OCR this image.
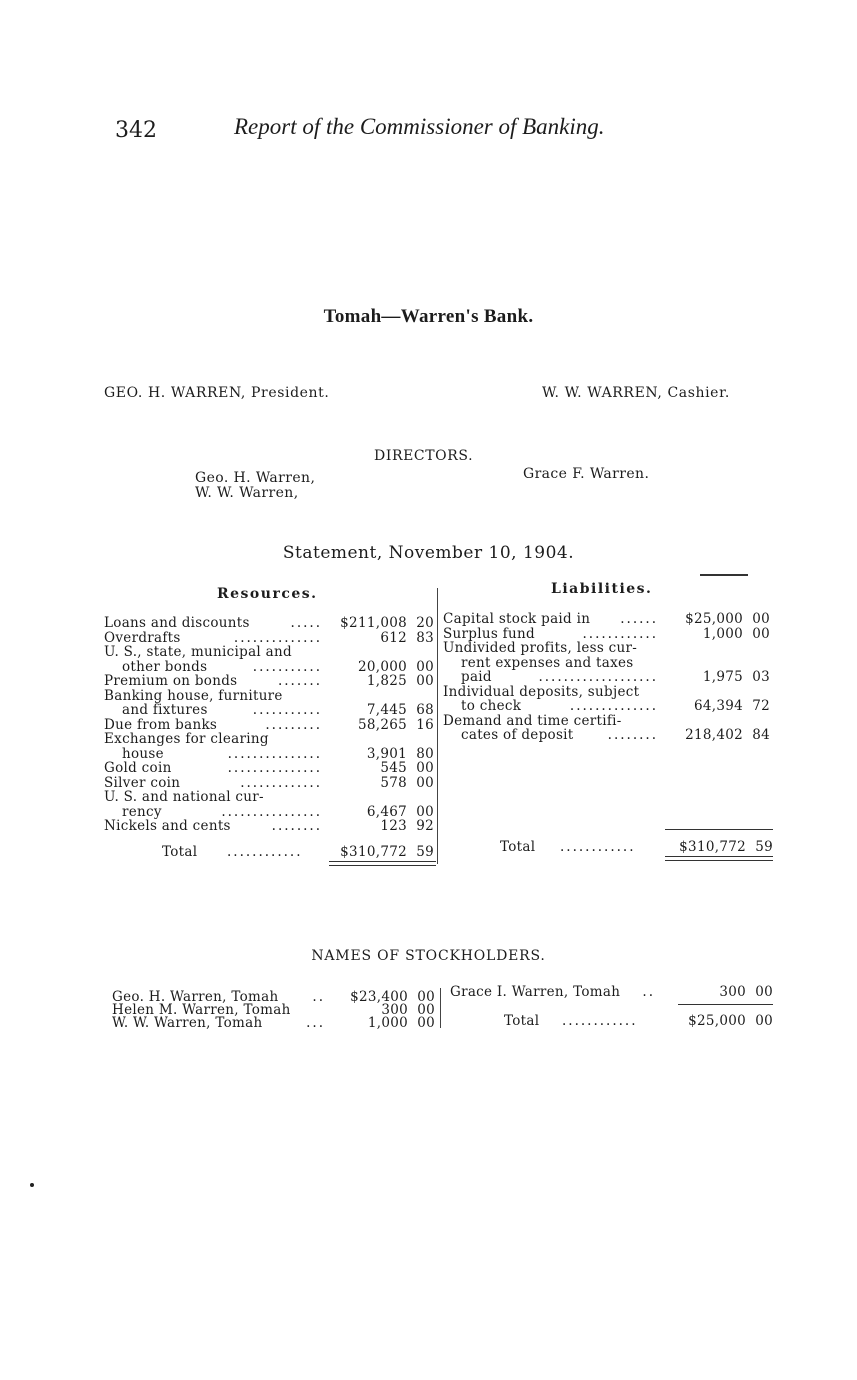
342	Report of the Commissioner of Banking.
Tomah—Warren's Bank.
GEO. H. WARREN, President.	W. W. WARREN, Cashier.
DIRECTORS.
Geo. H. Warren,
W. W. Warren,
Grace F. Warren.
Statement, November 10, 1904.
Resources.	Liabilities.
Loans and discounts	..... $211,008 20
Overdrafts	..............	612 83
U. S., state, municipal and
other bonds	...........	20,000 00
Premium on bonds	.......	1,825 00
Banking house, furniture
and fixtures	...........	7,445 68
Due from banks	.........	58,265 16
Exchanges for clearing
house	...............	3,901 80
Gold coin	...............	545 00
Silver coin	.............	578 00
U. S. and national cur-
rency	................	6,467 00
Nickels and cents	........	123 92
Total ............	$310,772 59
Capital stock paid in ...... $25,000 00
Surplus fund	............	1,000 00
Undivided profits, less cur-
rent expenses and taxes
paid	...................	1,975 03
Individual deposits, subject
to check	..............	64,394 72
Demand and time certifi-
cates of deposit	........ 218,402 84
Total ............	$310,772 59
NAMES OF STOCKHOLDERS.
Geo. H. Warren, Tomah	.. $23,400 00
Helen M. Warren, Tomah	300 00
W. W. Warren, Tomah	...	1,000 00
Grace I. Warren, Tomah ..	300 00
Total ............	$25,000 00
